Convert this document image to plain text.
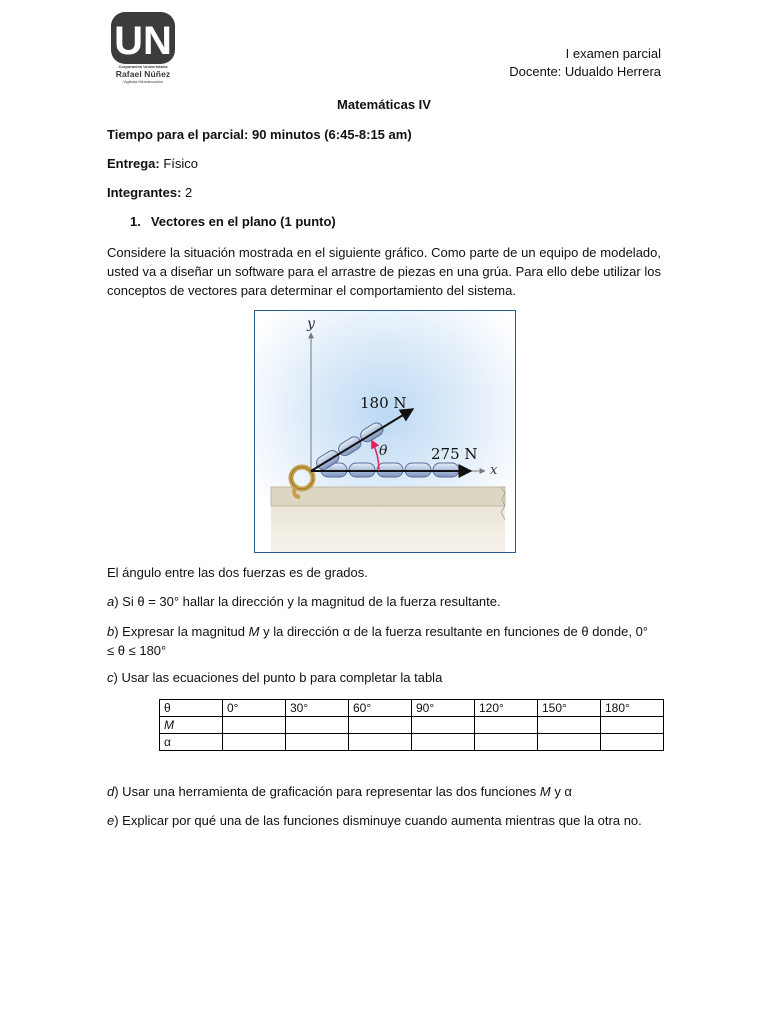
UN
Corporación Universitaria
Rafael Núñez
Vigilada Mineducación
I examen parcial
Docente: Udualdo Herrera
Matemáticas IV
Tiempo para el parcial: 90 minutos (6:45-8:15 am)
Entrega: Físico
Integrantes: 2
1. Vectores en el plano (1 punto)
Considere la situación mostrada en el siguiente gráfico. Como parte de un equipo de modelado, usted va a diseñar un software para el arrastre de piezas en una grúa. Para ello debe utilizar los conceptos de vectores para determinar el comportamiento del sistema.
y
x
θ
180 N
275 N
El ángulo entre las dos fuerzas es de grados.
a) Si θ = 30° hallar la dirección y la magnitud de la fuerza resultante.
b) Expresar la magnitud M y la dirección α de la fuerza resultante en funciones de θ donde, 0°
≤ θ ≤ 180°
c) Usar las ecuaciones del punto b para completar la tabla
θ	0°	30°	60°	90°	120°	150°	180°
M							
α							
d) Usar una herramienta de graficación para representar las dos funciones M y α
e) Explicar por qué una de las funciones disminuye cuando aumenta mientras que la otra no.
